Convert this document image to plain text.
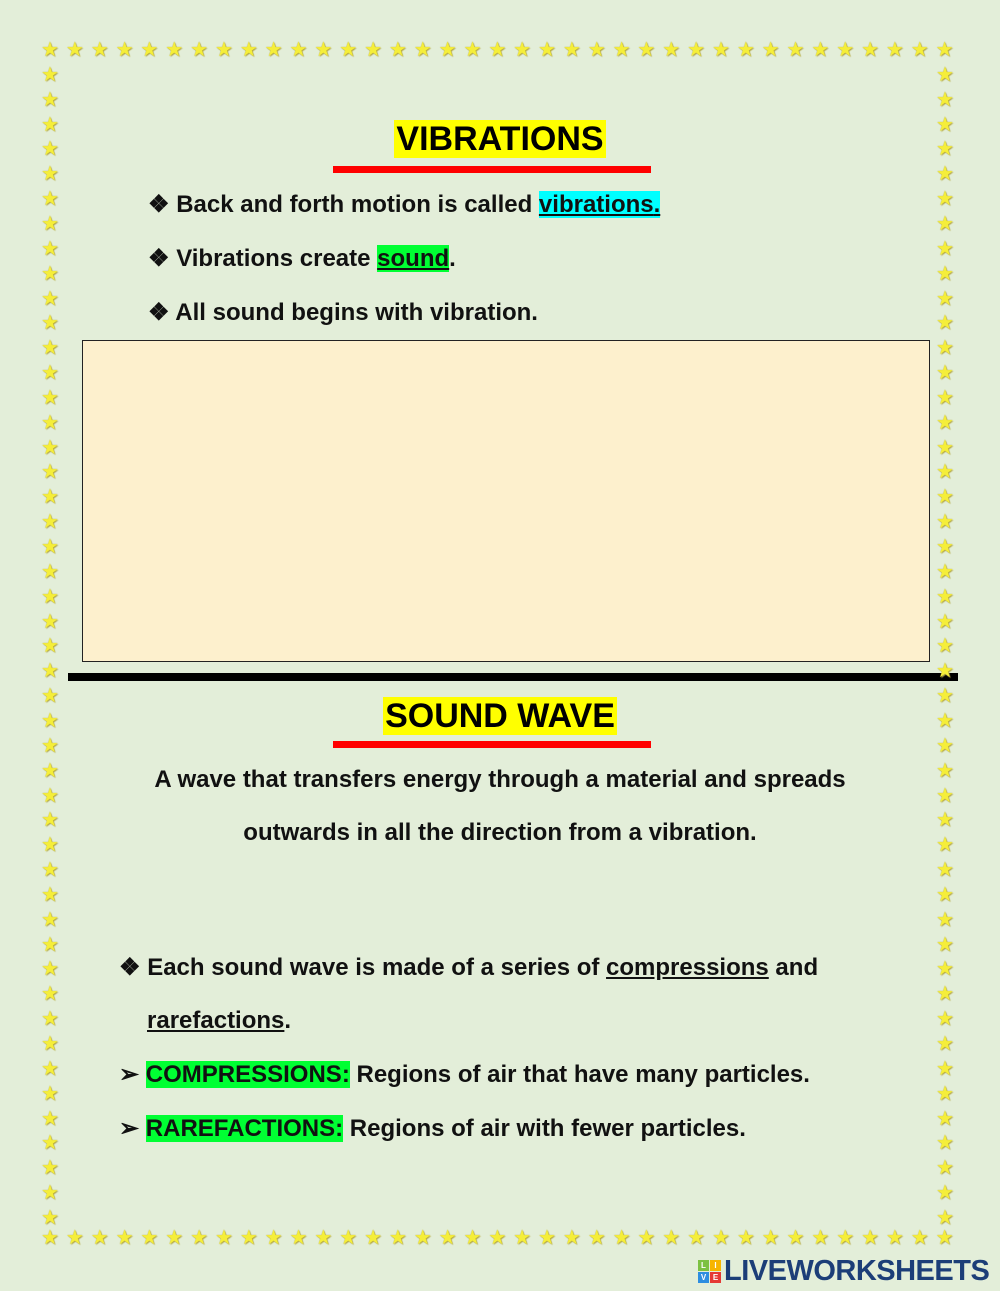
★
★
★
★
★
★
★
★
★
★
★
★
★
★
★
★
★
★
★
★
★
★
★
★
★
★
★
★
★
★
★
★
★
★
★
★
★
★
★
★
★
★
★
★
★
★
★
★
★
★
★
★
★
★
★
★
★
★
★
★
★
★
★
★
★
★
★
★
★
★
★
★
★
★
★	★
★	★
★	★
★	★
★	★
★	★
★	★
★	★
★	★
★	★
★	★
★	★
★	★
★	★
★	★
★	★
★	★
★	★
★	★
★	★
★	★
★	★
★	★
★	★
★	★
★	★
★	★
★	★
★	★
★	★
★	★
★	★
★	★
★	★
★	★
★	★
★	★
★	★
★	★
★	★
★	★
★	★
★	★
★	★
★	★
★	★
★	★
VIBRATIONS
❖ Back and forth motion is called vibrations.
❖ Vibrations create sound.
❖ All sound begins with vibration.
SOUND WAVE
A wave that transfers energy through a material and spreads
outwards in all the direction from a vibration.
❖ Each sound wave is made of a series of compressions and
rarefactions.
➢ COMPRESSIONS: Regions of air that have many particles.
➢ RAREFACTIONS: Regions of air with fewer particles.
L	I
V E LIVEWORKSHEETS
